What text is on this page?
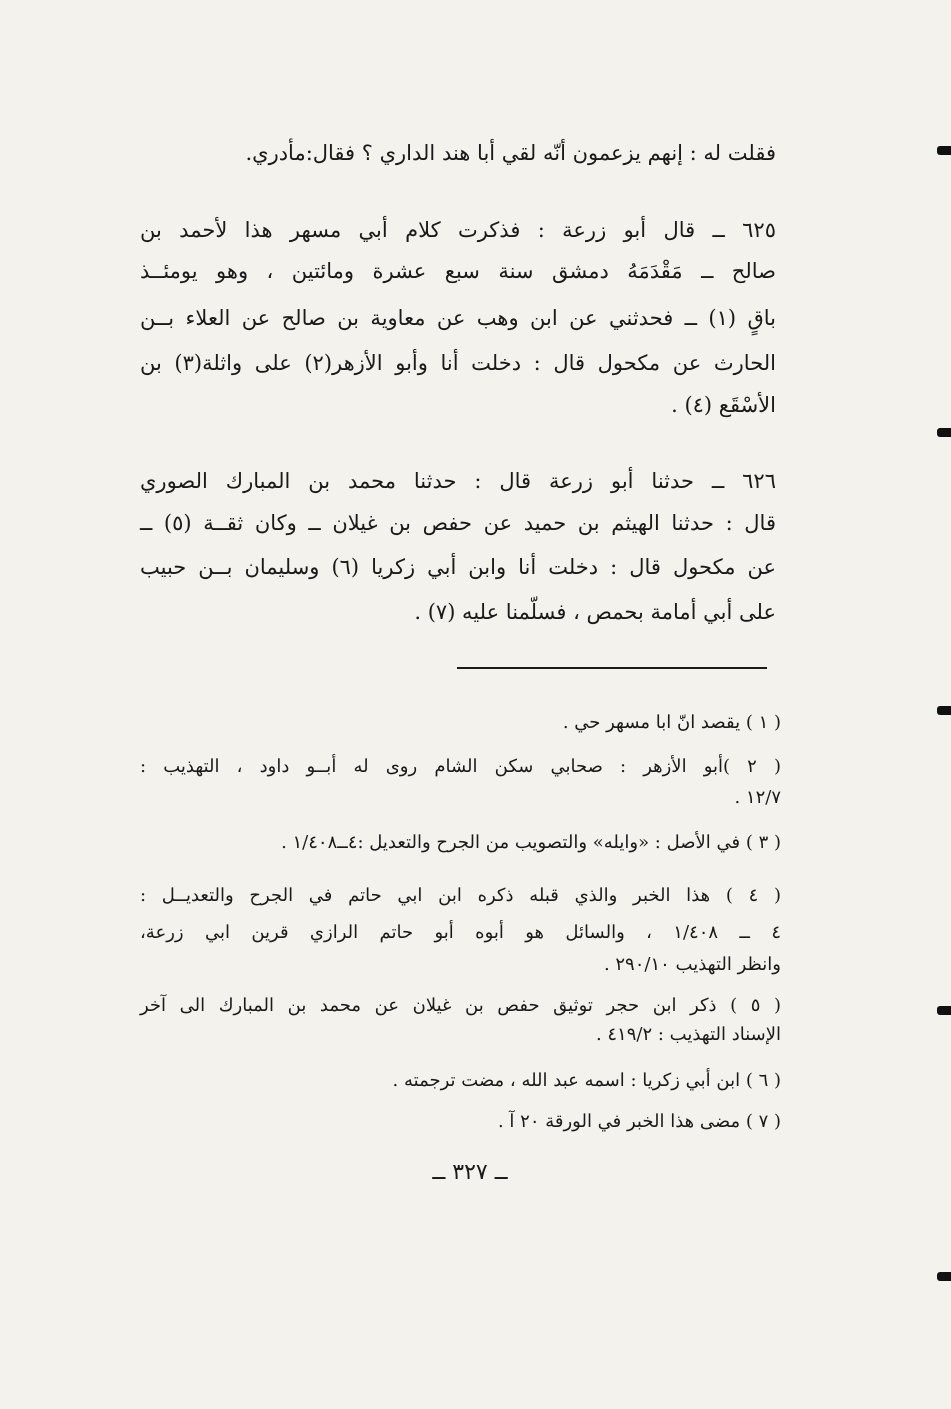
فقلت له : إنهم يزعمون أنّه لقي أبا هند الداري ؟ فقال:مأدري.
٦٢٥ ــ قال أبو زرعة : فذكرت كلام أبي مسهر هذا لأحمد بن
صالح ــ مَقْدَمَهُ دمشق سنة سبع عشرة ومائتين ، وهو يومئــذ
باقٍ (١) ــ فحدثني عن ابن وهب عن معاوية بن صالح عن العلاء بــن
الحارث عن مكحول قال : دخلت أنا وأبو الأزهر(٢) على واثلة(٣) بن
الأسْقَع (٤) .
٦٢٦ ــ حدثنا أبو زرعة قال : حدثنا محمد بن المبارك الصوري
قال : حدثنا الهيثم بن حميد عن حفص بن غيلان ــ وكان ثقــة (٥) ــ
عن مكحول قال : دخلت أنا وابن أبي زكريا (٦) وسليمان بــن حبيب
على أبي أمامة بحمص ، فسلّمنا عليه (٧) .
( ١ ) يقصد انّ ابا مسهر حي .
( ٢ )أبو الأزهر : صحابي سكن الشام روى له أبــو داود ، التهذيب :
١٢/٧ .
( ٣ ) في الأصل : «وايله» والتصويب من الجرح والتعديل :٤ــ١/٤٠٨ .
( ٤ ) هذا الخبر والذي قبله ذكره ابن ابي حاتم في الجرح والتعديــل :
٤ ــ ١/٤٠٨ ، والسائل هو أبوه أبو حاتم الرازي قرين ابي زرعة،
وانظر التهذيب ٢٩٠/١٠ .
( ٥ ) ذكر ابن حجر توثيق حفص بن غيلان عن محمد بن المبارك الى آخر
الإسناد التهذيب : ٤١٩/٢ .
( ٦ ) ابن أبي زكريا : اسمه عبد الله ، مضت ترجمته .
( ٧ ) مضى هذا الخبر في الورقة ٢٠ آ .
ــ ٣٢٧ ــ
